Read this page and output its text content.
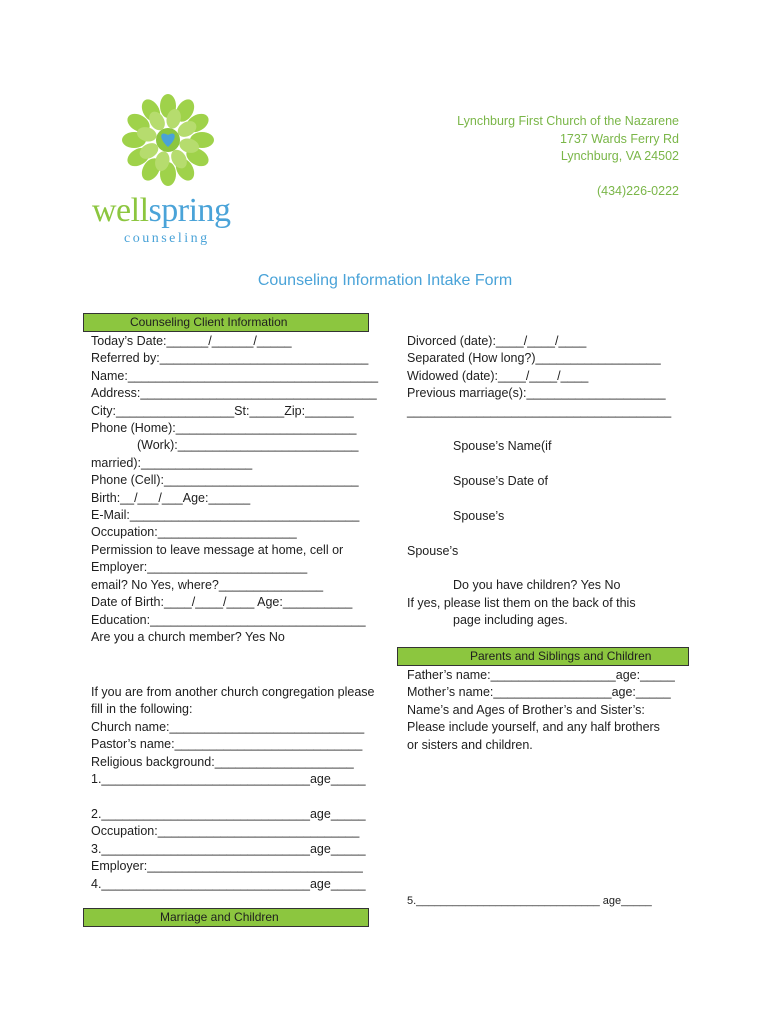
wellspring
counseling
Lynchburg First Church of the Nazarene
1737 Wards Ferry Rd
Lynchburg, VA 24502
(434)226-0222
Counseling Information Intake Form
Counseling Client Information
Parents and Siblings and Children
Marriage and Children
Today’s Date:______/______/_____
Referred by:______________________________
Name:____________________________________
Address:__________________________________
City:_________________St:_____Zip:_______
Phone (Home):__________________________
(Work):__________________________
married):________________
Phone (Cell):____________________________
Birth:__/___/___Age:______
E-Mail:_________________________________
Occupation:____________________
Permission to leave message at home, cell or
Employer:_______________________
email? No Yes, where?_______________
Date of Birth:____/____/____ Age:__________
Education:_______________________________
Are you a church member? Yes No
If you are from another church congregation please
fill in the following:
Church name:____________________________
Pastor’s name:___________________________
Religious background:____________________
1.______________________________age_____
2.______________________________age_____
Occupation:_____________________________
3.______________________________age_____
Employer:_______________________________
4.______________________________age_____
Divorced (date):____/____/____
Separated (How long?)__________________
Widowed (date):____/____/____
Previous marriage(s):____________________
______________________________________
Spouse’s Name(if
Spouse’s Date of
Spouse’s
Spouse’s
Do you have children? Yes No
If yes, please list them on the back of this
page including ages.
Father’s name:__________________age:_____
Mother’s name:_________________age:_____
Name’s and Ages of Brother’s and Sister’s:
Please include yourself, and any half brothers
or sisters and children.
5.______________________________ age_____
